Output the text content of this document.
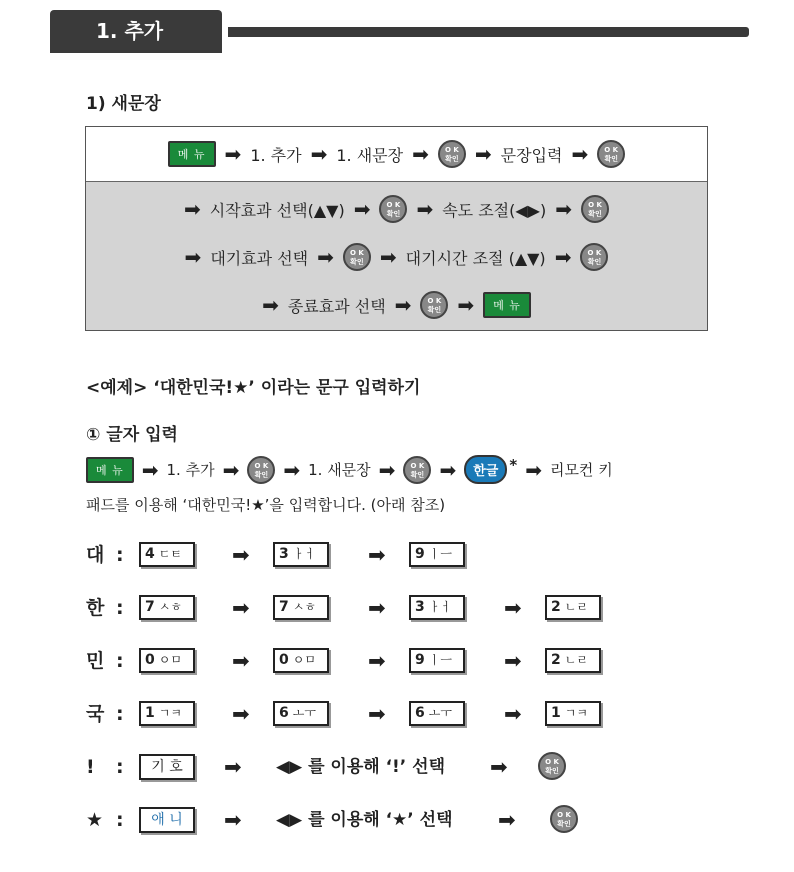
1. 추가
1) 새문장
메 뉴 ➡ 1. 추가 ➡ 1. 새문장 ➡	O K
확인 ➡ 문장입력 ➡	O K
확인
➡ 시작효과 선택(▲▼) ➡	O K
확인 ➡ 속도 조절(◀▶) ➡	O K
확인
➡ 대기효과 선택 ➡	O K
확인 ➡ 대기시간 조절 (▲▼) ➡	O K
확인
➡ 종료효과 선택 ➡	O K
확인 ➡	메 뉴
<예제> ‘대한민국!★’ 이라는 문구 입력하기
① 글자 입력
메 뉴 ➡ 1. 추가 ➡	O K
확인 ➡ 1. 새문장 ➡	O K
확인 ➡	한글 * ➡ 리모컨 키
패드를 이용해 ‘대한민국!★’을 입력합니다. (아래 참조)
대 :	4 ㄷㅌ	➡	3 ㅏㅓ	➡	9 ㅣㅡ
한 :	7 ㅅㅎ	➡	7 ㅅㅎ	➡	3 ㅏㅓ	➡	2 ㄴㄹ
민 :	0 ㅇㅁ	➡	0 ㅇㅁ	➡	9 ㅣㅡ	➡	2 ㄴㄹ
국 :	1 ㄱㅋ	➡	6 ㅗㅜ	➡	6 ㅗㅜ	➡	1 ㄱㅋ
!	:	기 호	➡ ◀▶ 를 이용해 ‘!’ 선택 ➡	O K
확인
★ :	애 니	➡ ◀▶ 를 이용해 ‘★’ 선택 ➡	O K
확인
